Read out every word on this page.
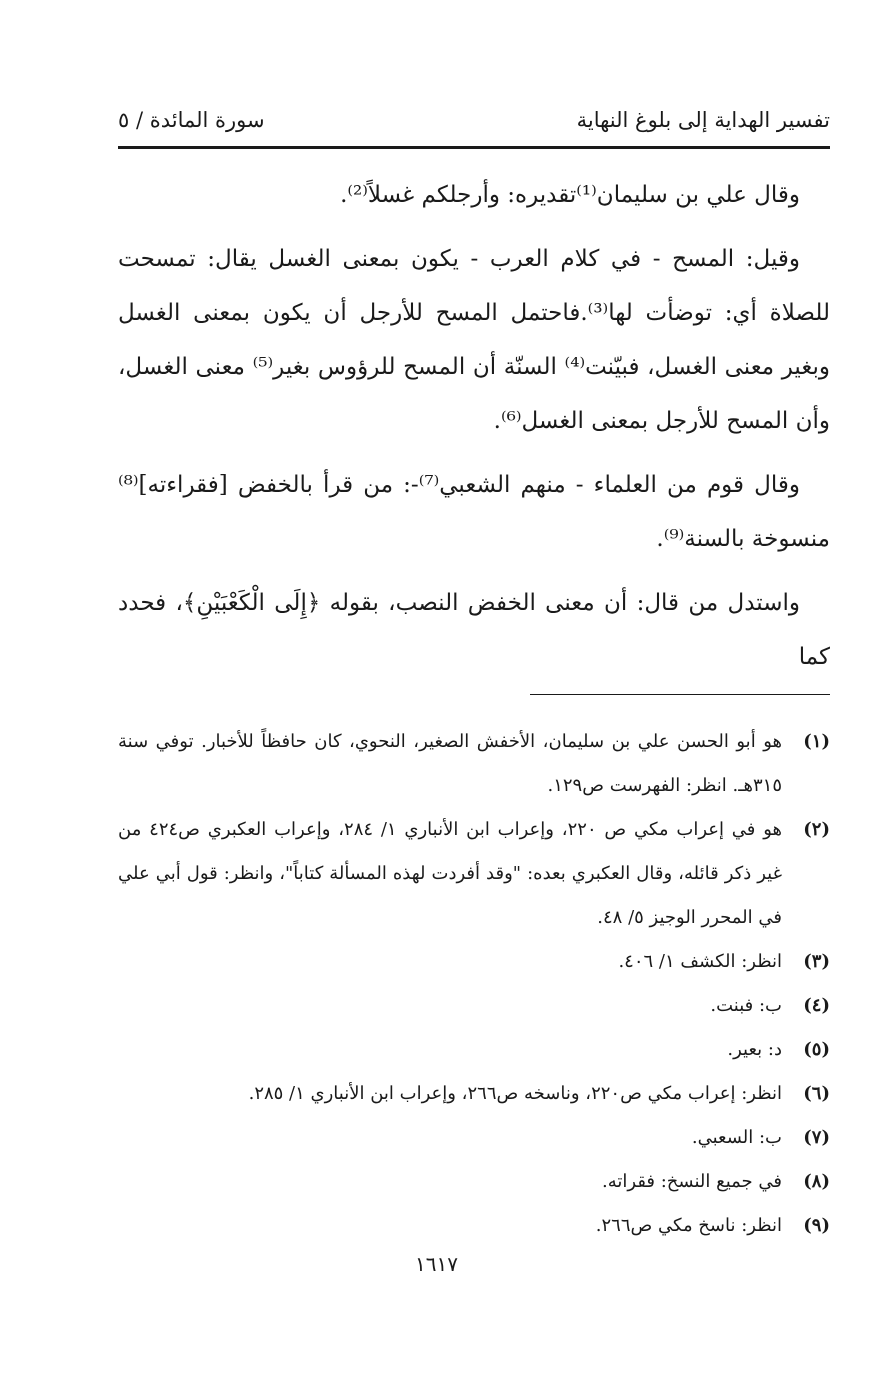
تفسير الهداية إلى بلوغ النهاية
سورة المائدة / ٥

وقال علي بن سليمان⁽¹⁾تقديره: وأرجلكم غسلاً⁽²⁾.

وقيل: المسح - في كلام العرب - يكون بمعنى الغسل يقال: تمسحت للصلاة أي: توضأت لها⁽³⁾.فاحتمل المسح للأرجل أن يكون بمعنى الغسل وبغير معنى الغسل، فبيّنت⁽⁴⁾ السنّة أن المسح للرؤوس بغير⁽⁵⁾ معنى الغسل، وأن المسح للأرجل بمعنى الغسل⁽⁶⁾.

وقال قوم من العلماء - منهم الشعبي⁽⁷⁾-: من قرأ بالخفض [فقراءته]⁽⁸⁾ منسوخة بالسنة⁽⁹⁾.

واستدل من قال: أن معنى الخفض النصب، بقوله ﴿إِلَى الْكَعْبَيْنِ﴾، فحدد كما

(١)
هو أبو الحسن علي بن سليمان، الأخفش الصغير، النحوي، كان حافظاً للأخبار. توفي سنة ٣١٥هـ. انظر: الفهرست ص١٢٩.
(٢)
هو في إعراب مكي ص ٢٢٠، وإعراب ابن الأنباري ١/ ٢٨٤، وإعراب العكبري ص٤٢٤ من غير ذكر قائله، وقال العكبري بعده: "وقد أفردت لهذه المسألة كتاباً"، وانظر: قول أبي علي في المحرر الوجيز ٥/ ٤٨.
(٣)
انظر: الكشف ١/ ٤٠٦.
(٤)
ب: فبنت.
(٥)
د: بعير.
(٦)
انظر: إعراب مكي ص٢٢٠، وناسخه ص٢٦٦، وإعراب ابن الأنباري ١/ ٢٨٥.
(٧)
ب: السعبي.
(٨)
في جميع النسخ: فقراته.
(٩)
انظر: ناسخ مكي ص٢٦٦.
١٦١٧
